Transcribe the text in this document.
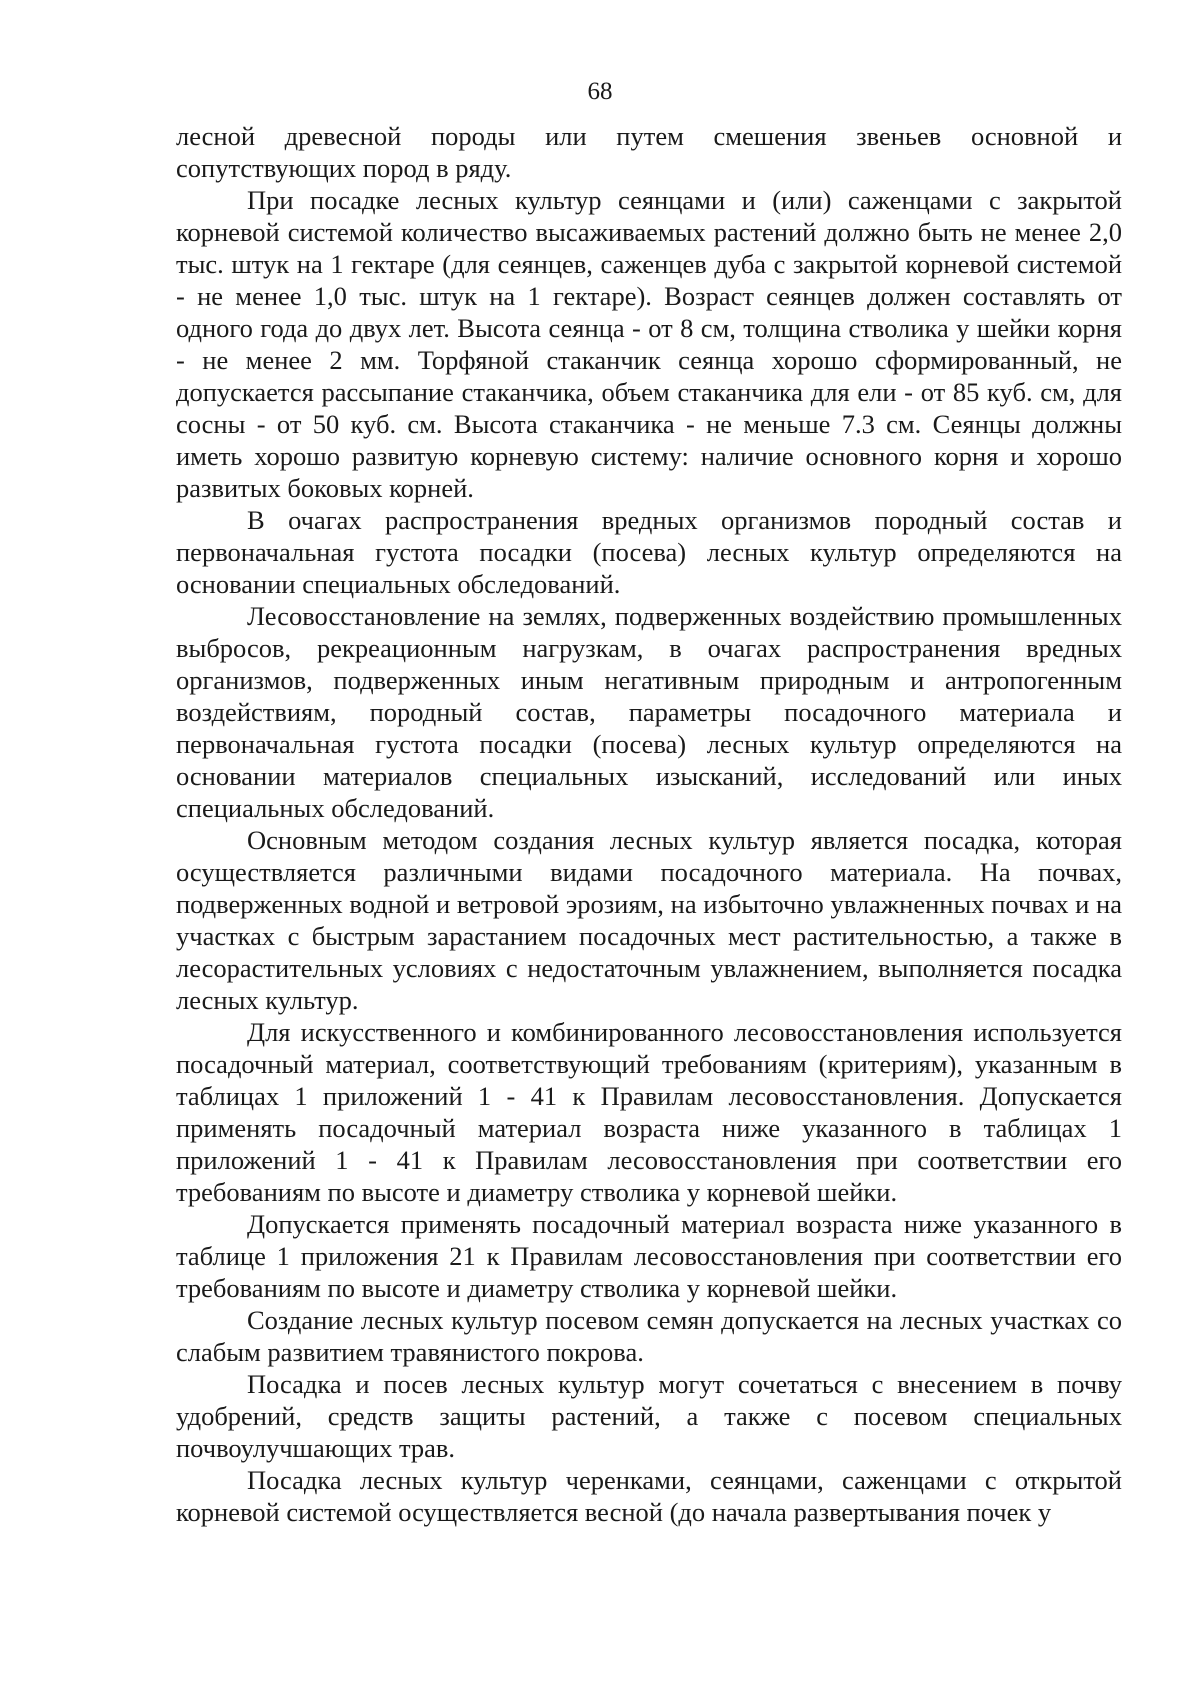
68

лесной древесной породы или путем смешения звеньев основной и сопутствующих пород в ряду.

При посадке лесных культур сеянцами и (или) саженцами с закрытой корневой системой количество высаживаемых растений должно быть не менее 2,0 тыс. штук на 1 гектаре (для сеянцев, саженцев дуба с закрытой корневой системой - не менее 1,0 тыс. штук на 1 гектаре). Возраст сеянцев должен составлять от одного года до двух лет. Высота сеянца - от 8 см, толщина стволика у шейки корня - не менее 2 мм. Торфяной стаканчик сеянца хорошо сформированный, не допускается рассыпание стаканчика, объем стаканчика для ели - от 85 куб. см, для сосны - от 50 куб. см. Высота стаканчика - не меньше 7.3 см. Сеянцы должны иметь хорошо развитую корневую систему: наличие основного корня и хорошо развитых боковых корней.

В очагах распространения вредных организмов породный состав и первоначальная густота посадки (посева) лесных культур определяются на основании специальных обследований.

Лесовосстановление на землях, подверженных воздействию промышленных выбросов, рекреационным нагрузкам, в очагах распространения вредных организмов, подверженных иным негативным природным и антропогенным воздействиям, породный состав, параметры посадочного материала и первоначальная густота посадки (посева) лесных культур определяются на основании материалов специальных изысканий, исследований или иных специальных обследований.

Основным методом создания лесных культур является посадка, которая осуществляется различными видами посадочного материала. На почвах, подверженных водной и ветровой эрозиям, на избыточно увлажненных почвах и на участках с быстрым зарастанием посадочных мест растительностью, а также в лесорастительных условиях с недостаточным увлажнением, выполняется посадка лесных культур.

Для искусственного и комбинированного лесовосстановления используется посадочный материал, соответствующий требованиям (критериям), указанным в таблицах 1 приложений 1 - 41 к Правилам лесовосстановления. Допускается применять посадочный материал возраста ниже указанного в таблицах 1 приложений 1 - 41 к Правилам лесовосстановления при соответствии его требованиям по высоте и диаметру стволика у корневой шейки.

Допускается применять посадочный материал возраста ниже указанного в таблице 1 приложения 21 к Правилам лесовосстановления при соответствии его требованиям по высоте и диаметру стволика у корневой шейки.

Создание лесных культур посевом семян допускается на лесных участках со слабым развитием травянистого покрова.

Посадка и посев лесных культур могут сочетаться с внесением в почву удобрений, средств защиты растений, а также с посевом специальных почвоулучшающих трав.

Посадка лесных культур черенками, сеянцами, саженцами с открытой корневой системой осуществляется весной (до начала развертывания почек у
